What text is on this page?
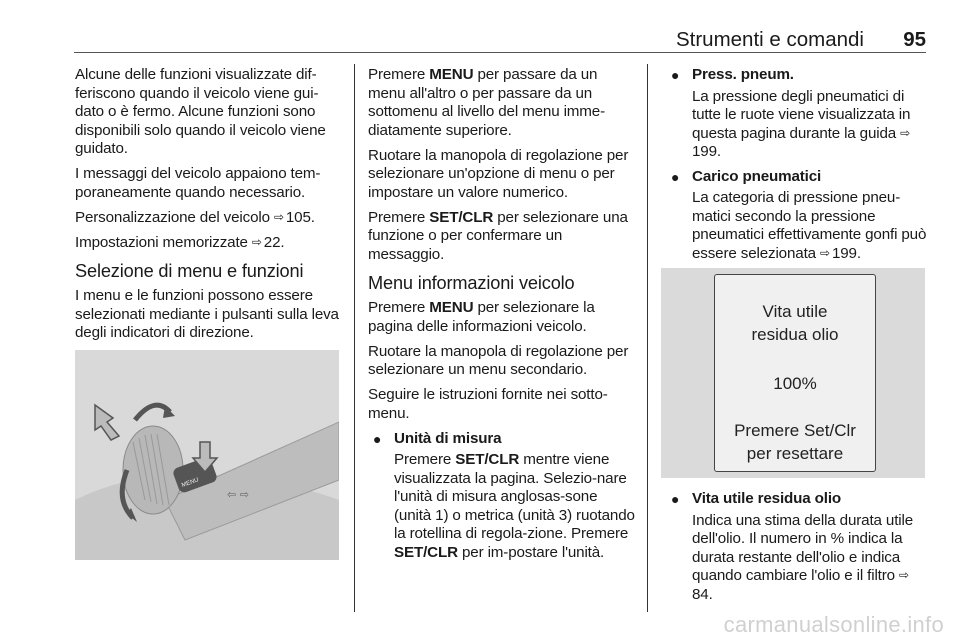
Strumenti e comandi 95

Alcune delle funzioni visualizzate dif-feriscono quando il veicolo viene gui-dato o è fermo. Alcune funzioni sono disponibili solo quando il veicolo viene guidato.

I messaggi del veicolo appaiono tem-poraneamente quando necessario.

Personalizzazione del veicolo ⇨ 105.

Impostazioni memorizzate ⇨ 22.

Selezione di menu e funzioni

I menu e le funzioni possono essere selezionati mediante i pulsanti sulla leva degli indicatori di direzione.

MENU
⇦ ⇨

Premere MENU per passare da un menu all'altro o per passare da un sottomenu al livello del menu imme-diatamente superiore.

Ruotare la manopola di regolazione per selezionare un'opzione di menu o per impostare un valore numerico.

Premere SET/CLR per selezionare una funzione o per confermare un messaggio.

Menu informazioni veicolo

Premere MENU per selezionare la pagina delle informazioni veicolo.

Ruotare la manopola di regolazione per selezionare un menu secondario.

Seguire le istruzioni fornite nei sotto-menu.

● Unità di misura
Premere SET/CLR mentre viene visualizzata la pagina. Selezio-nare l'unità di misura anglosas-sone (unità 1) o metrica (unità 3) ruotando la rotellina di regola-zione. Premere SET/CLR per im-postare l'unità.
● Press. pneum.
La pressione degli pneumatici di tutte le ruote viene visualizzata in questa pagina durante la guida ⇨199.
● Carico pneumatici
La categoria di pressione pneu-matici secondo la pressione pneumatici effettivamente gonfi può essere selezionata ⇨ 199.
Vita utile
residua olio
100%
Premere Set/Clr
per resettare
● Vita utile residua olio
Indica una stima della durata utile dell'olio. Il numero in % indica la durata restante dell'olio e indica quando cambiare l'olio e il filtro ⇨84.
carmanualsonline.info
